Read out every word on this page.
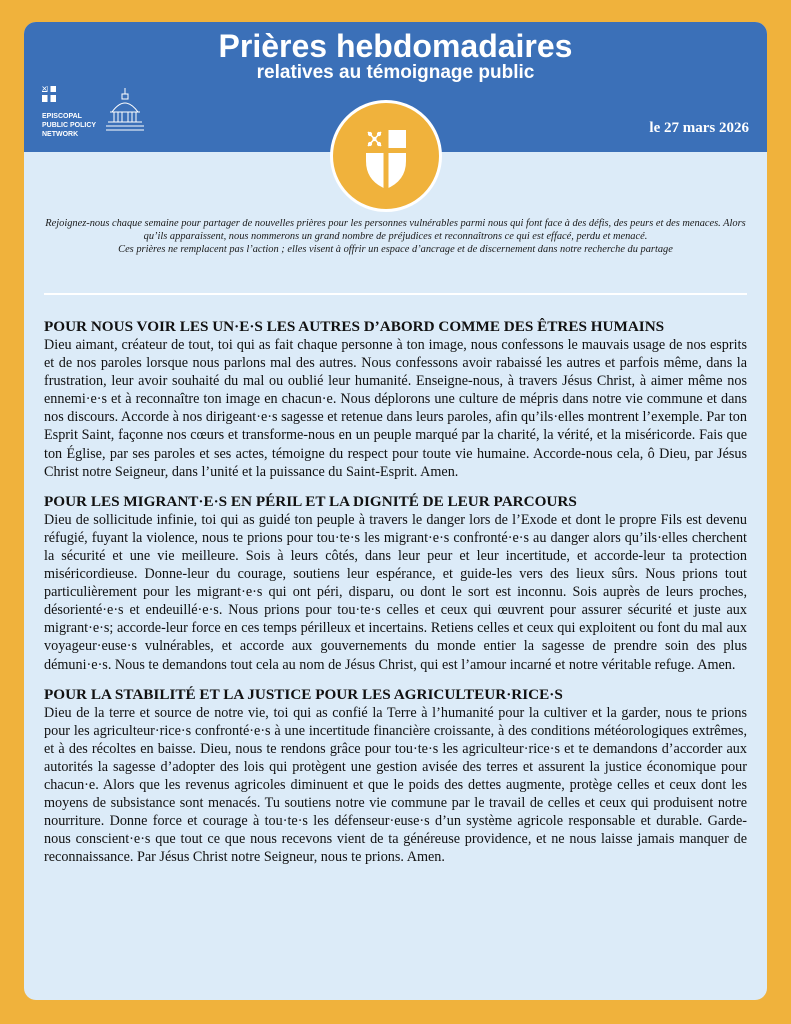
Prières hebdomadaires
relatives au témoignage public
EPISCOPAL
PUBLIC POLICY
NETWORK	le 27 mars 2026

Rejoignez-nous chaque semaine pour partager de nouvelles prières pour les personnes vulnérables parmi nous qui font face à des défis, des peurs et des menaces. Alors qu’ils apparaissent, nous nommerons un grand nombre de préjudices et reconnaîtrons ce qui est effacé, perdu et menacé.

Ces prières ne remplacent pas l’action ; elles visent à offrir un espace d’ancrage et de discernement dans notre recherche du partage

POUR NOUS VOIR LES UN·E·S LES AUTRES D’ABORD COMME DES ÊTRES HUMAINS

Dieu aimant, créateur de tout, toi qui as fait chaque personne à ton image, nous confessons le mauvais usage de nos esprits et de nos paroles lorsque nous parlons mal des autres. Nous confessons avoir rabaissé les autres et parfois même, dans la frustration, leur avoir souhaité du mal ou oublié leur humanité. Enseigne-nous, à travers Jésus Christ, à aimer même nos ennemi·e·s et à reconnaître ton image en chacun·e. Nous déplorons une culture de mépris dans notre vie commune et dans nos discours. Accorde à nos dirigeant·e·s sagesse et retenue dans leurs paroles, afin qu’ils·elles montrent l’exemple. Par ton Esprit Saint, façonne nos cœurs et transforme-nous en un peuple marqué par la charité, la vérité, et la miséricorde. Fais que ton Église, par ses paroles et ses actes, témoigne du respect pour toute vie humaine. Accorde-nous cela, ô Dieu, par Jésus Christ notre Seigneur, dans l’unité et la puissance du Saint-Esprit. Amen.

POUR LES MIGRANT·E·S EN PÉRIL ET LA DIGNITÉ DE LEUR PARCOURS

Dieu de sollicitude infinie, toi qui as guidé ton peuple à travers le danger lors de l’Exode et dont le propre Fils est devenu réfugié, fuyant la violence, nous te prions pour tou·te·s les migrant·e·s confronté·e·s au danger alors qu’ils·elles cherchent la sécurité et une vie meilleure. Sois à leurs côtés, dans leur peur et leur incertitude, et accorde-leur ta protection miséricordieuse. Donne-leur du courage, soutiens leur espérance, et guide-les vers des lieux sûrs. Nous prions tout particulièrement pour les migrant·e·s qui ont péri, disparu, ou dont le sort est inconnu. Sois auprès de leurs proches, désorienté·e·s et endeuillé·e·s. Nous prions pour tou·te·s celles et ceux qui œuvrent pour assurer sécurité et juste aux migrant·e·s; accorde-leur force en ces temps périlleux et incertains. Retiens celles et ceux qui exploitent ou font du mal aux voyageur·euse·s vulnérables, et accorde aux gouvernements du monde entier la sagesse de prendre soin des plus démuni·e·s. Nous te demandons tout cela au nom de Jésus Christ, qui est l’amour incarné et notre véritable refuge. Amen.

POUR LA STABILITÉ ET LA JUSTICE POUR LES AGRICULTEUR·RICE·S

Dieu de la terre et source de notre vie, toi qui as confié la Terre à l’humanité pour la cultiver et la garder, nous te prions pour les agriculteur·rice·s confronté·e·s à une incertitude financière croissante, à des conditions météorologiques extrêmes, et à des récoltes en baisse. Dieu, nous te rendons grâce pour tou·te·s les agriculteur·rice·s et te demandons d’accorder aux autorités la sagesse d’adopter des lois qui protègent une gestion avisée des terres et assurent la justice économique pour chacun·e. Alors que les revenus agricoles diminuent et que le poids des dettes augmente, protège celles et ceux dont les moyens de subsistance sont menacés. Tu soutiens notre vie commune par le travail de celles et ceux qui produisent notre nourriture. Donne force et courage à tou·te·s les défenseur·euse·s d’un système agricole responsable et durable. Garde-nous conscient·e·s que tout ce que nous recevons vient de ta généreuse providence, et ne nous laisse jamais manquer de reconnaissance. Par Jésus Christ notre Seigneur, nous te prions. Amen.
